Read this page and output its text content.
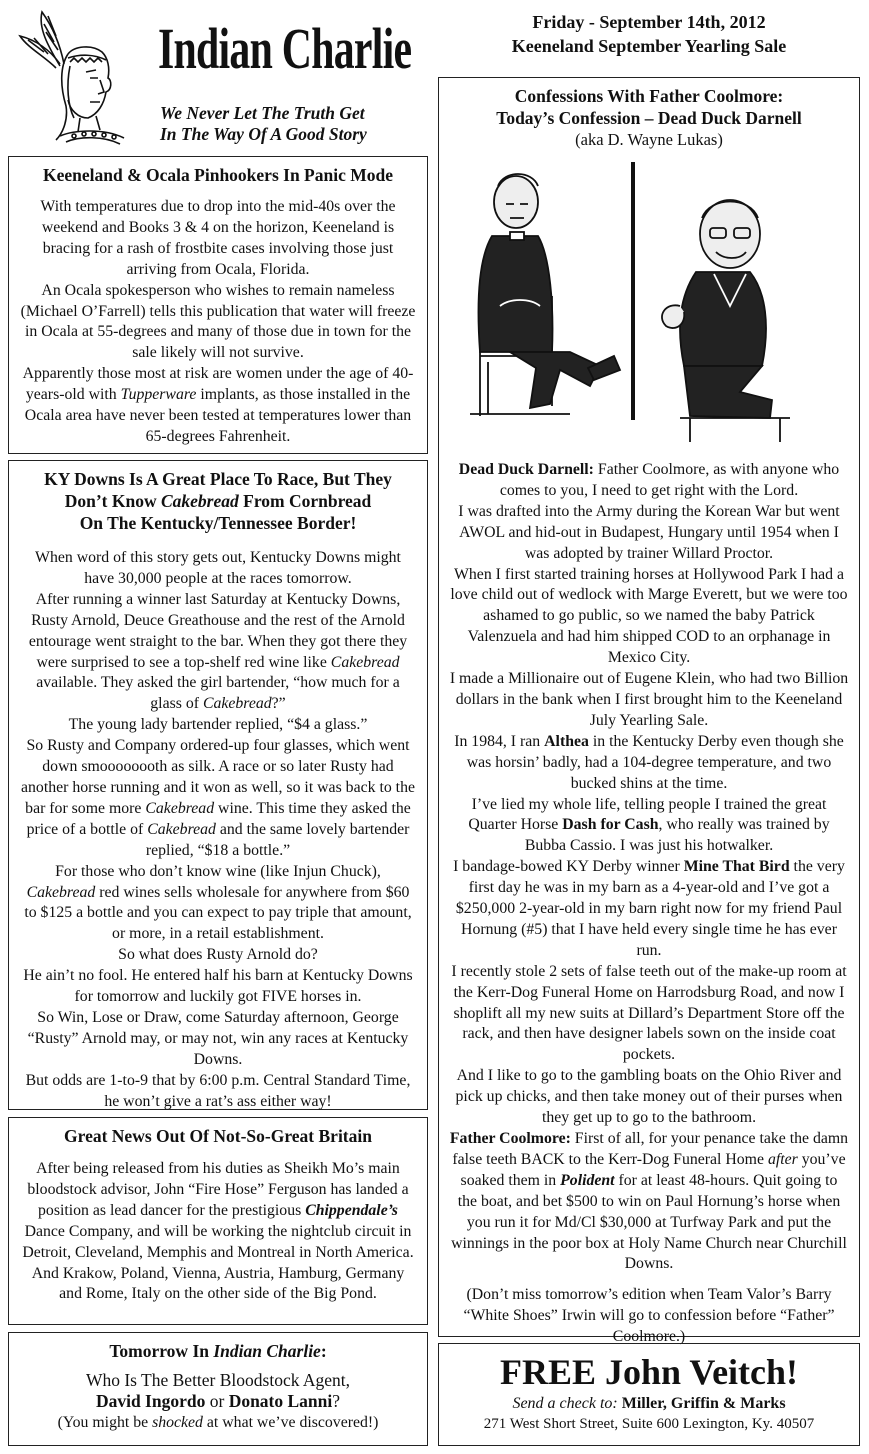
Indian Charlie
We Never Let The Truth Get
In The Way Of A Good Story
Friday - September 14th, 2012
Keeneland September Yearling Sale
Keeneland & Ocala Pinhookers In Panic Mode

With temperatures due to drop into the mid-40s over the weekend and Books 3 & 4 on the horizon, Keeneland is bracing for a rash of frostbite cases involving those just arriving from Ocala, Florida.

An Ocala spokesperson who wishes to remain nameless (Michael O’Farrell) tells this publication that water will freeze in Ocala at 55-degrees and many of those due in town for the sale likely will not survive.

Apparently those most at risk are women under the age of 40-years-old with Tupperware implants, as those installed in the Ocala area have never been tested at temperatures lower than 65-degrees Fahrenheit.

KY Downs Is A Great Place To Race, But They
Don’t Know Cakebread From Cornbread
On The Kentucky/Tennessee Border!

When word of this story gets out, Kentucky Downs might have 30,000 people at the races tomorrow.

After running a winner last Saturday at Kentucky Downs, Rusty Arnold, Deuce Greathouse and the rest of the Arnold entourage went straight to the bar. When they got there they were surprised to see a top-shelf red wine like Cakebread available. They asked the girl bartender, “how much for a glass of Cakebread?”

The young lady bartender replied, “$4 a glass.”

So Rusty and Company ordered-up four glasses, which went down smoooooooth as silk. A race or so later Rusty had another horse running and it won as well, so it was back to the bar for some more Cakebread wine. This time they asked the price of a bottle of Cakebread and the same lovely bartender replied, “$18 a bottle.”

For those who don’t know wine (like Injun Chuck), Cakebread red wines sells wholesale for anywhere from $60 to $125 a bottle and you can expect to pay triple that amount, or more, in a retail establishment.

So what does Rusty Arnold do?

He ain’t no fool. He entered half his barn at Kentucky Downs for tomorrow and luckily got FIVE horses in.

So Win, Lose or Draw, come Saturday afternoon, George “Rusty” Arnold may, or may not, win any races at Kentucky Downs.

But odds are 1-to-9 that by 6:00 p.m. Central Standard Time, he won’t give a rat’s ass either way!

Great News Out Of Not-So-Great Britain

After being released from his duties as Sheikh Mo’s main bloodstock advisor, John “Fire Hose” Ferguson has landed a position as lead dancer for the prestigious Chippendale’s Dance Company, and will be working the nightclub circuit in Detroit, Cleveland, Memphis and Montreal in North America. And Krakow, Poland, Vienna, Austria, Hamburg, Germany and Rome, Italy on the other side of the Big Pond.

Tomorrow In Indian Charlie:
Who Is The Better Bloodstock Agent,
David Ingordo or Donato Lanni?
(You might be shocked at what we’ve discovered!)
Confessions With Father Coolmore:
Today’s Confession – Dead Duck Darnell
(aka D. Wayne Lukas)

Dead Duck Darnell: Father Coolmore, as with anyone who comes to you, I need to get right with the Lord.

I was drafted into the Army during the Korean War but went AWOL and hid-out in Budapest, Hungary until 1954 when I was adopted by trainer Willard Proctor.

When I first started training horses at Hollywood Park I had a love child out of wedlock with Marge Everett, but we were too ashamed to go public, so we named the baby Patrick Valenzuela and had him shipped COD to an orphanage in Mexico City.

I made a Millionaire out of Eugene Klein, who had two Billion dollars in the bank when I first brought him to the Keeneland July Yearling Sale.

In 1984, I ran Althea in the Kentucky Derby even though she was horsin’ badly, had a 104-degree temperature, and two bucked shins at the time.

I’ve lied my whole life, telling people I trained the great Quarter Horse Dash for Cash, who really was trained by Bubba Cassio. I was just his hotwalker.

I bandage-bowed KY Derby winner Mine That Bird the very first day he was in my barn as a 4-year-old and I’ve got a $250,000 2-year-old in my barn right now for my friend Paul Hornung (#5) that I have held every single time he has ever run.

I recently stole 2 sets of false teeth out of the make-up room at the Kerr-Dog Funeral Home on Harrodsburg Road, and now I shoplift all my new suits at Dillard’s Department Store off the rack, and then have designer labels sown on the inside coat pockets.

And I like to go to the gambling boats on the Ohio River and pick up chicks, and then take money out of their purses when they get up to go to the bathroom.

Father Coolmore: First of all, for your penance take the damn false teeth BACK to the Kerr-Dog Funeral Home after you’ve soaked them in Polident for at least 48-hours. Quit going to the boat, and bet $500 to win on Paul Hornung’s horse when you run it for Md/Cl $30,000 at Turfway Park and put the winnings in the poor box at Holy Name Church near Churchill Downs.

(Don’t miss tomorrow’s edition when Team Valor’s Barry “White Shoes” Irwin will go to confession before “Father” Coolmore.)

FREE John Veitch!
Send a check to: Miller, Griffin & Marks
271 West Short Street, Suite 600 Lexington, Ky. 40507
